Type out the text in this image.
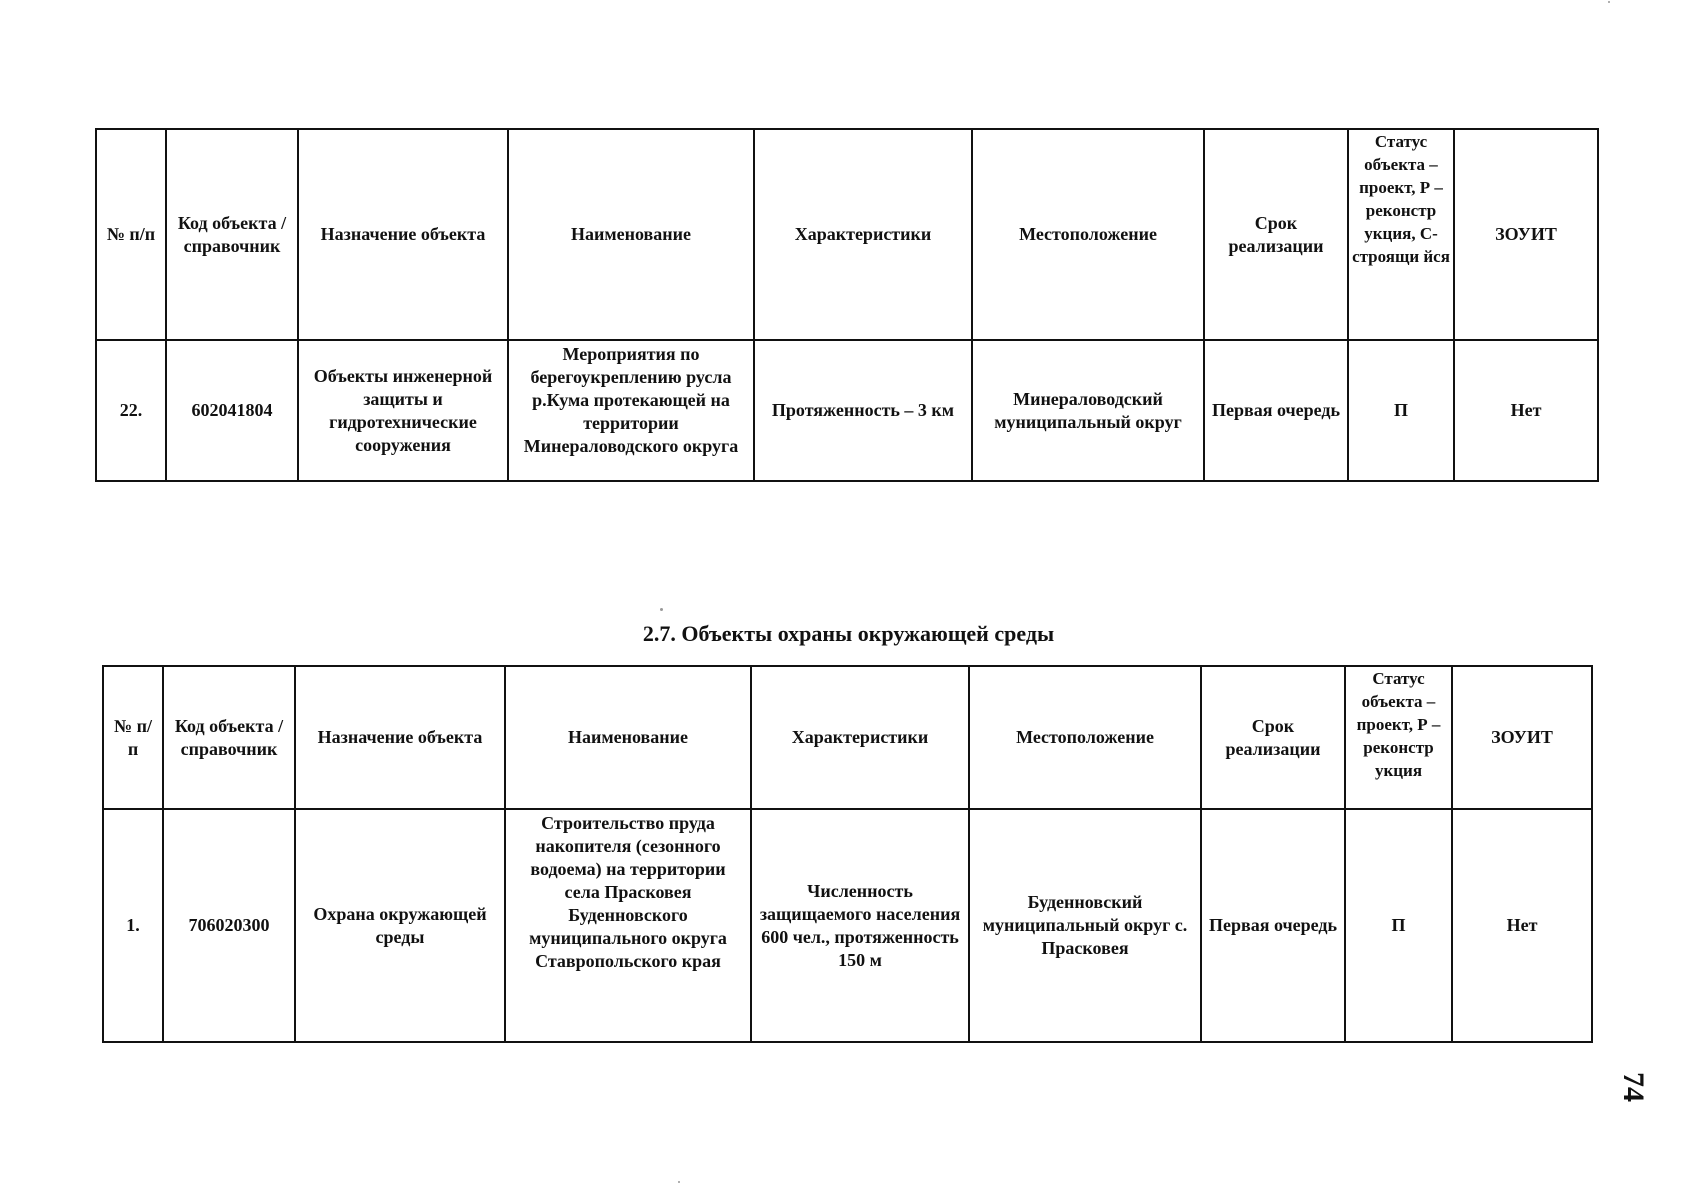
№ п/п	Код объекта / справочник	Назначение объекта	Наименование	Характеристики	Местоположение	Срок реализации	Статус объекта – проект, Р – реконстр укция, С-строящи йся	ЗОУИТ
22.	602041804	Объекты инженерной защиты и гидротехнические сооружения	Мероприятия по берегоукреплению русла р.Кума протекающей на территории Минераловодского округа	Протяженность – 3 км	Минераловодский муниципальный округ	Первая очередь	П	Нет
2.7. Объекты охраны окружающей среды
№ п/п	Код объекта / справочник	Назначение объекта	Наименование	Характеристики	Местоположение	Срок реализации	Статус объекта – проект, Р – реконстр укция	ЗОУИТ
1.	706020300	Охрана окружающей среды	Строительство пруда накопителя (сезонного водоема) на территории села Прасковея Буденновского муниципального округа Ставропольского края	Численность защищаемого населения 600 чел., протяженность 150 м	Буденновский муниципальный округ с. Прасковея	Первая очередь	П	Нет
74
